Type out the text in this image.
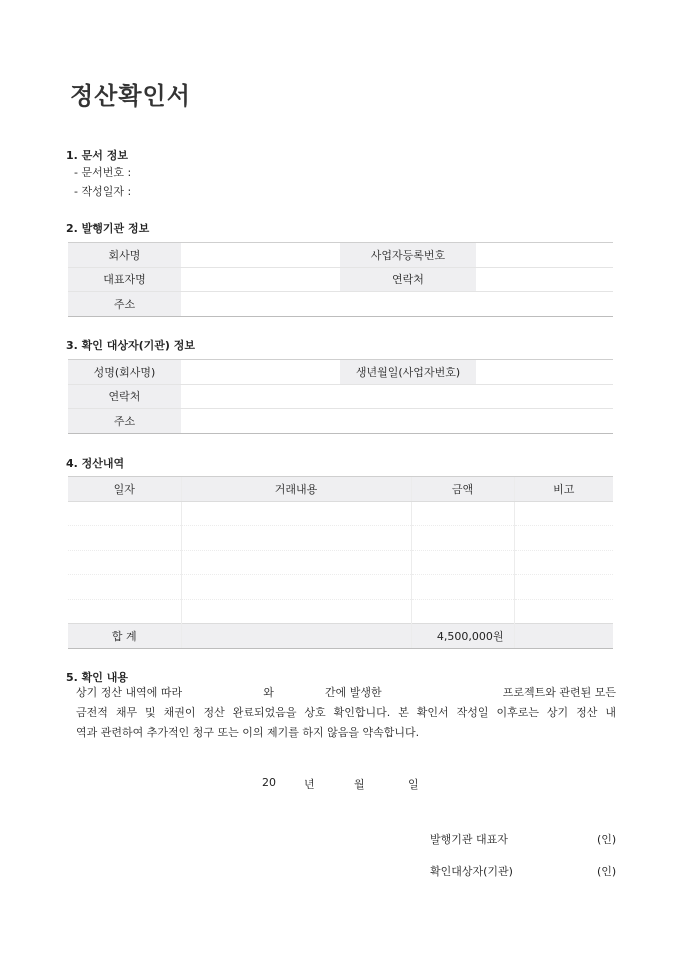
정산확인서
1. 문서 정보
- 문서번호 :
- 작성일자 :
2. 발행기관 정보
회사명		사업자등록번호	
대표자명		연락처	
주소			
3. 확인 대상자(기관) 정보
성명(회사명)		생년월일(사업자번호)	
연락처			
주소			
4. 정산내역
일자	거래내용	금액	비고

합 계		4,500,000원	
5. 확인 내용
상기 정산 내역에 따라	와	간에 발생한	프로젝트와 관련된 모든
금전적 채무 및 채권이 정산 완료되었음을 상호 확인합니다. 본 확인서 작성일 이후로는 상기 정산 내
역과 관련하여 추가적인 청구 또는 이의 제기를 하지 않음을 약속합니다.
20	년	월	일
발행기관 대표자	(인)
확인대상자(기관)	(인)
